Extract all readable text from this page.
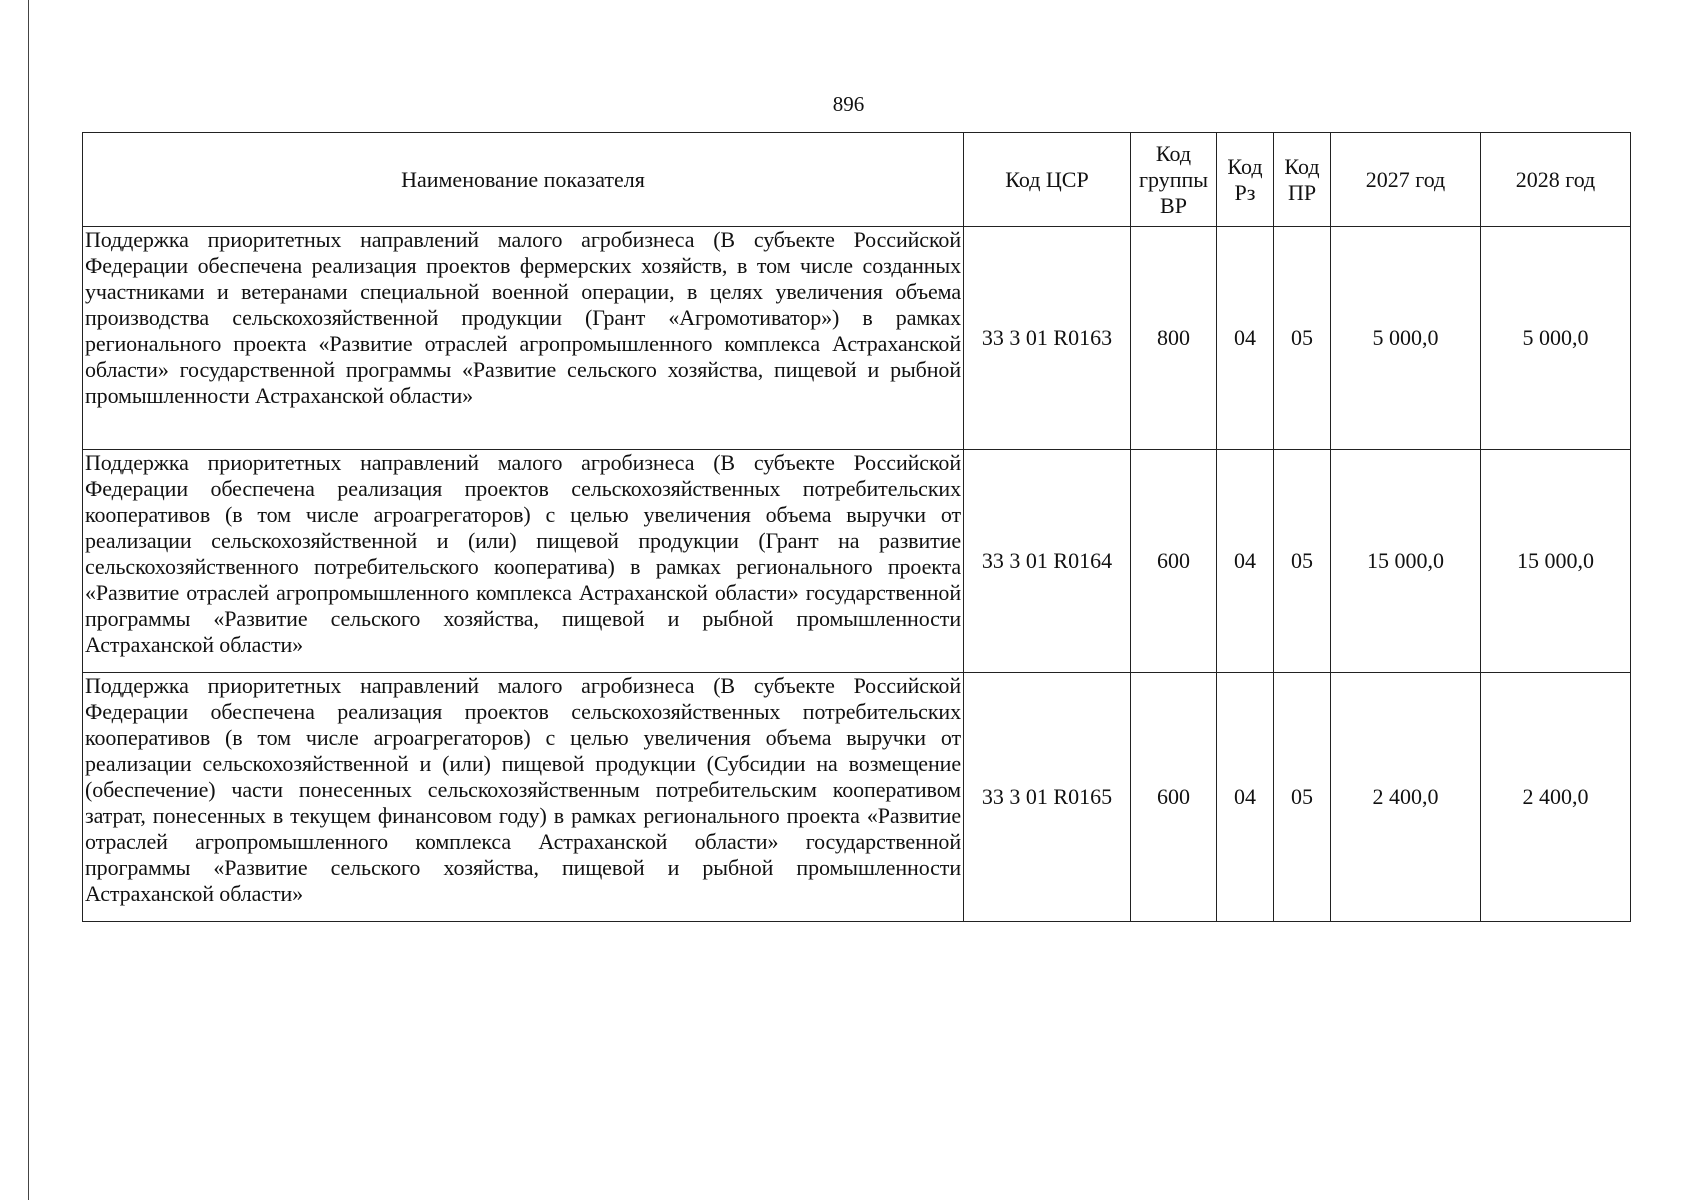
896
Наименование показателя	Код ЦСР	Код группы ВР	Код Рз	Код ПР	2027 год	2028 год
Поддержка приоритетных направлений малого агробизнеса (В субъекте Российской Федерации обеспечена реализация проектов фермерских хозяйств, в том числе созданных участниками и ветеранами специальной военной операции, в целях увеличения объема производства сельскохозяйственной продукции (Грант «Агромотиватор») в рамках регионального проекта «Развитие отраслей агропромышленного комплекса Астраханской области» государственной программы «Развитие сельского хозяйства, пищевой и рыбной промышленности Астраханской области»	33 3 01 R0163	800	04	05	5 000,0	5 000,0
Поддержка приоритетных направлений малого агробизнеса (В субъекте Российской Федерации обеспечена реализация проектов сельскохозяйственных потребительских кооперативов (в том числе агроагрегаторов) с целью увеличения объема выручки от реализации сельскохозяйственной и (или) пищевой продукции (Грант на развитие сельскохозяйственного потребительского кооператива) в рамках регионального проекта «Развитие отраслей агропромышленного комплекса Астраханской области» государственной программы «Развитие сельского хозяйства, пищевой и рыбной промышленности Астраханской области»	33 3 01 R0164	600	04	05	15 000,0	15 000,0
Поддержка приоритетных направлений малого агробизнеса (В субъекте Российской Федерации обеспечена реализация проектов сельскохозяйственных потребительских кооперативов (в том числе агроагрегаторов) с целью увеличения объема выручки от реализации сельскохозяйственной и (или) пищевой продукции (Субсидии на возмещение (обеспечение) части понесенных сельскохозяйственным потребительским кооперативом затрат, понесенных в текущем финансовом году) в рамках регионального проекта «Развитие отраслей агропромышленного комплекса Астраханской области» государственной программы «Развитие сельского хозяйства, пищевой и рыбной промышленности Астраханской области»	33 3 01 R0165	600	04	05	2 400,0	2 400,0
